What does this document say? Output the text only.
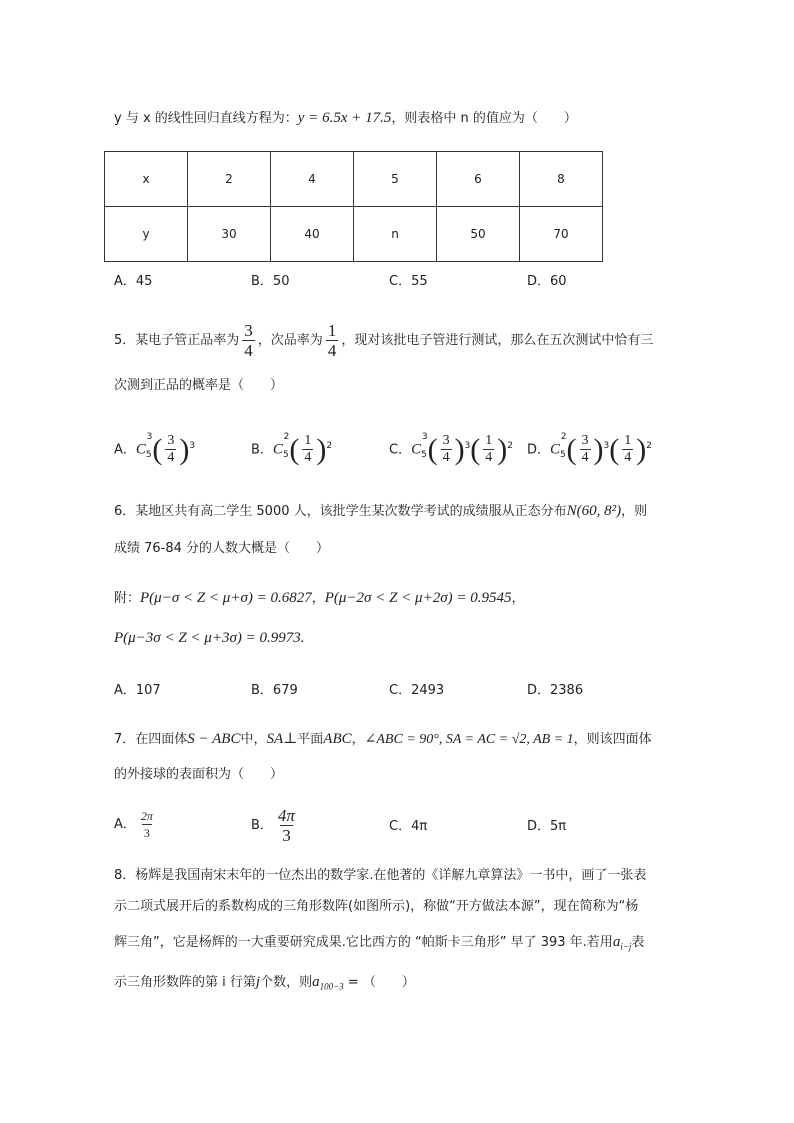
y 与 x 的线性回归直线方程为：y = 6.5x + 17.5，则表格中 n 的值应为（　　）
x	2	4	5	6	8
y	30	40	n	50	70
A．45	B．50	C．55	D．60
5．某电子管正品率为 $\frac{3}{4}$ ，次品率为 $\frac{1}{4}$ ，现对该批电子管进行测试，那么在五次测试中恰有三
次测到正品的概率是（　　）
A．$C_5^3( \frac{3}{4} )^3$	B．$C_5^2( \frac{1}{4} )^2$	C．$C_5^3( \frac{3}{4} )^3( \frac{1}{4} )^2$ D．$C_5^2( \frac{3}{4} )^3( \frac{1}{4} )^2$
6．某地区共有高二学生 5000 人，该批学生某次数学考试的成绩服从正态分布N(60, 8²)，则
成绩 76-84 分的人数大概是（　　）
附：P(μ−σ < Z < μ+σ) = 0.6827，P(μ−2σ < Z < μ+2σ) = 0.9545，
P(μ−3σ < Z < μ+3σ) = 0.9973.
A．107	B．679	C．2493	D．2386
7．在四面体S − ABC中，SA⊥平面ABC，∠ABC = 90°, SA = AC = √2, AB = 1，则该四面体
的外接球的表面积为（　　）
A． $\frac{2\pi}{3}$	B． $\frac{4\pi}{3}$	C．4π	D．5π
8．杨辉是我国南宋末年的一位杰出的数学家.在他著的《详解九章算法》一书中，画了一张表
示二项式展开后的系数构成的三角形数阵(如图所示)，称做“开方做法本源”，现在简称为“杨
辉三角”，它是杨辉的一大重要研究成果.它比西方的 “帕斯卡三角形” 早了 393 年.若用$a_{i-j}$表
示三角形数阵的第 i 行第j个数，则$a_{100-3}$ = （　　）
